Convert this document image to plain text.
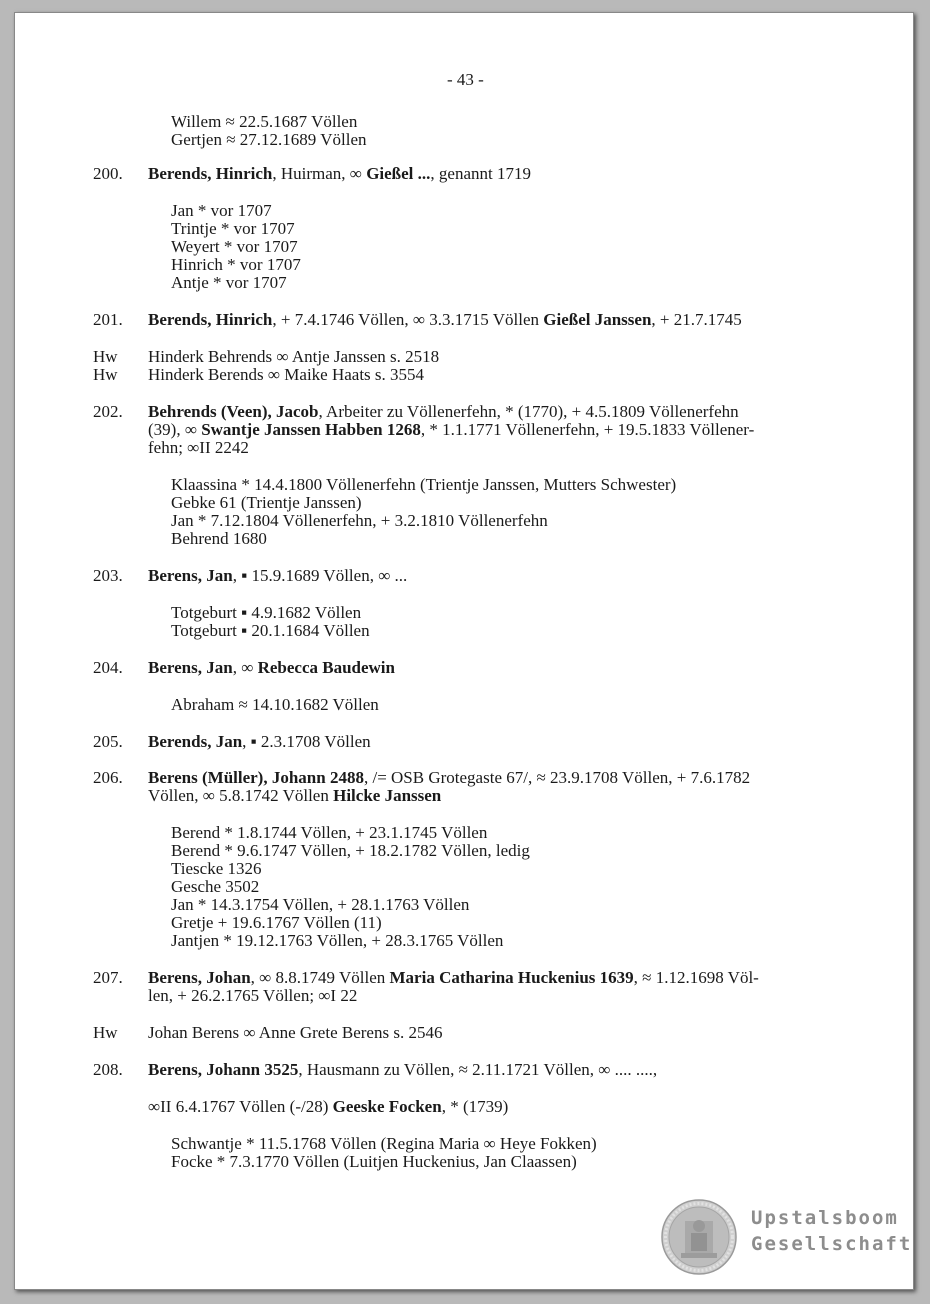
- 43 -
Willem ≈ 22.5.1687 Völlen
Gertjen ≈ 27.12.1689 Völlen
200. Berends, Hinrich, Huirman, ∞ Gießel ..., genannt 1719
Jan * vor 1707
Trintje * vor 1707
Weyert * vor 1707
Hinrich * vor 1707
Antje * vor 1707
201. Berends, Hinrich, + 7.4.1746 Völlen, ∞ 3.3.1715 Völlen Gießel Janssen, + 21.7.1745
Hw Hinderk Behrends ∞ Antje Janssen s. 2518
Hw Hinderk Berends ∞ Maike Haats s. 3554
202. Behrends (Veen), Jacob, Arbeiter zu Völlenerfehn, * (1770), + 4.5.1809 Völlenerfehn
(39), ∞ Swantje Janssen Habben 1268, * 1.1.1771 Völlenerfehn, + 19.5.1833 Völlener-
fehn; ∞II 2242
Klaassina * 14.4.1800 Völlenerfehn (Trientje Janssen, Mutters Schwester)
Gebke 61 (Trientje Janssen)
Jan * 7.12.1804 Völlenerfehn, + 3.2.1810 Völlenerfehn
Behrend 1680
203. Berens, Jan, ▪ 15.9.1689 Völlen, ∞ ...
Totgeburt ▪ 4.9.1682 Völlen
Totgeburt ▪ 20.1.1684 Völlen
204. Berens, Jan, ∞ Rebecca Baudewin
Abraham ≈ 14.10.1682 Völlen
205. Berends, Jan, ▪ 2.3.1708 Völlen
206. Berens (Müller), Johann 2488, /= OSB Grotegaste 67/, ≈ 23.9.1708 Völlen, + 7.6.1782
Völlen, ∞ 5.8.1742 Völlen Hilcke Janssen
Berend * 1.8.1744 Völlen, + 23.1.1745 Völlen
Berend * 9.6.1747 Völlen, + 18.2.1782 Völlen, ledig
Tiescke 1326
Gesche 3502
Jan * 14.3.1754 Völlen, + 28.1.1763 Völlen
Gretje + 19.6.1767 Völlen (11)
Jantjen * 19.12.1763 Völlen, + 28.3.1765 Völlen
207. Berens, Johan, ∞ 8.8.1749 Völlen Maria Catharina Huckenius 1639, ≈ 1.12.1698 Völ-
len, + 26.2.1765 Völlen; ∞I 22
Hw Johan Berens ∞ Anne Grete Berens s. 2546
208. Berens, Johann 3525, Hausmann zu Völlen, ≈ 2.11.1721 Völlen, ∞ .... ....,
∞II 6.4.1767 Völlen (-/28) Geeske Focken, * (1739)
Schwantje * 11.5.1768 Völlen (Regina Maria ∞ Heye Fokken)
Focke * 7.3.1770 Völlen (Luitjen Huckenius, Jan Claassen)
Upstalsboom
Gesellschaft
